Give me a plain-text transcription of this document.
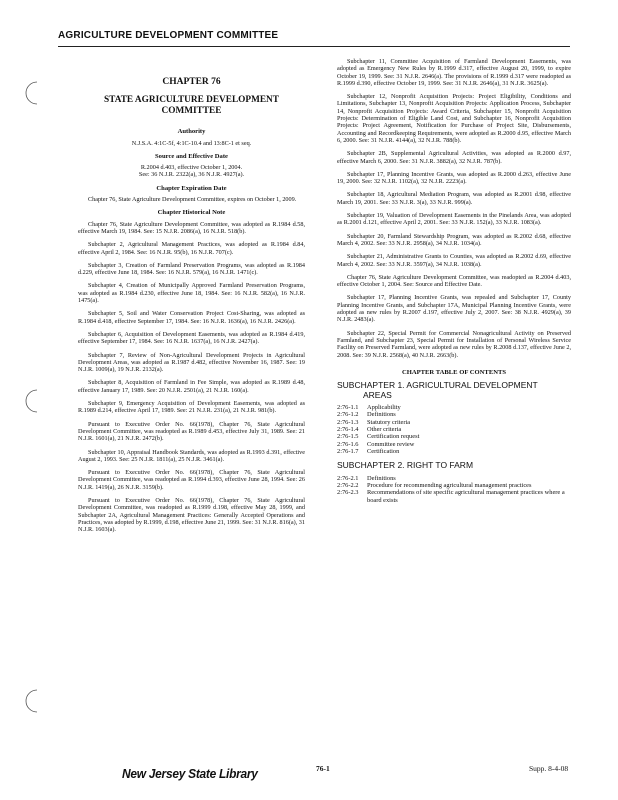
AGRICULTURE DEVELOPMENT COMMITTEE
CHAPTER 76
STATE AGRICULTURE DEVELOPMENT
COMMITTEE
Authority

N.J.S.A. 4:1C-5f, 4:1C-10.4 and 13:8C-1 et seq.

Source and Effective Date

R.2004 d.403, effective October 1, 2004.

See: 36 N.J.R. 2322(a), 36 N.J.R. 4927(a).

Chapter Expiration Date

Chapter 76, State Agriculture Development Committee, expires on October 1, 2009.

Chapter Historical Note

Chapter 76, State Agriculture Development Committee, was adopted as R.1984 d.58, effective March 19, 1984. See: 15 N.J.R. 2086(a), 16 N.J.R. 518(b).

Subchapter 2, Agricultural Management Practices, was adopted as R.1984 d.84, effective April 2, 1984. See: 16 N.J.R. 95(b), 16 N.J.R. 707(c).

Subchapter 3, Creation of Farmland Preservation Programs, was adopted as R.1984 d.229, effective June 18, 1984. See: 16 N.J.R. 579(a), 16 N.J.R. 1471(c).

Subchapter 4, Creation of Municipally Approved Farmland Preservation Programs, was adopted as R.1984 d.230, effective June 18, 1984. See: 16 N.J.R. 582(a), 16 N.J.R. 1475(a).

Subchapter 5, Soil and Water Conservation Project Cost-Sharing, was adopted as R.1984 d.418, effective September 17, 1984. See: 16 N.J.R. 1636(a), 16 N.J.R. 2426(a).

Subchapter 6, Acquisition of Development Easements, was adopted as R.1984 d.419, effective September 17, 1984. See: 16 N.J.R. 1637(a), 16 N.J.R. 2427(a).

Subchapter 7, Review of Non-Agricultural Development Projects in Agricultural Development Areas, was adopted as R.1987 d.482, effective November 16, 1987. See: 19 N.J.R. 1009(a), 19 N.J.R. 2132(a).

Subchapter 8, Acquisition of Farmland in Fee Simple, was adopted as R.1989 d.48, effective January 17, 1989. See: 20 N.J.R. 2501(a), 21 N.J.R. 160(a).

Subchapter 9, Emergency Acquisition of Development Easements, was adopted as R.1989 d.214, effective April 17, 1989. See: 21 N.J.R. 231(a), 21 N.J.R. 981(b).

Pursuant to Executive Order No. 66(1978), Chapter 76, State Agricultural Development Committee, was readopted as R.1989 d.453, effective July 31, 1989. See: 21 N.J.R. 1601(a), 21 N.J.R. 2472(b).

Subchapter 10, Appraisal Handbook Standards, was adopted as R.1993 d.391, effective August 2, 1993. See: 25 N.J.R. 1811(a), 25 N.J.R. 3461(a).

Pursuant to Executive Order No. 66(1978), Chapter 76, State Agricultural Development Committee, was readopted as R.1994 d.393, effective June 28, 1994. See: 26 N.J.R. 1419(a), 26 N.J.R. 3159(b).

Pursuant to Executive Order No. 66(1978), Chapter 76, State Agricultural Development Committee, was readopted as R.1999 d.198, effective May 28, 1999, and Subchapter 2A, Agricultural Management Practices: Generally Accepted Operations and Practices, was adopted by R.1999, d.198, effective June 21, 1999. See: 31 N.J.R. 816(a), 31 N.J.R. 1603(a).

Subchapter 11, Committee Acquisition of Farmland Development Easements, was adopted as Emergency New Rules by R.1999 d.317, effective August 20, 1999, to expire October 19, 1999. See: 31 N.J.R. 2646(a). The provisions of R.1999 d.317 were readopted as R.1999 d.390, effective October 19, 1999. See: 31 N.J.R. 2646(a), 31 N.J.R. 3625(a).

Subchapter 12, Nonprofit Acquisition Projects: Project Eligibility, Conditions and Limitations, Subchapter 13, Nonprofit Acquisition Projects: Application Process, Subchapter 14, Nonprofit Acquisition Projects: Award Criteria, Subchapter 15, Nonprofit Acquisition Projects: Determination of Eligible Land Cost, and Subchapter 16, Nonprofit Acquisition Projects: Project Agreement, Notification for Purchase of Project Site, Disbursements, Accounting and Recordkeeping Requirements, were adopted as R.2000 d.95, effective March 6, 2000. See: 31 N.J.R. 4144(a), 32 N.J.R. 788(b).

Subchapter 2B, Supplemental Agricultural Activities, was adopted as R.2000 d.97, effective March 6, 2000. See: 31 N.J.R. 3882(a), 32 N.J.R. 787(b).

Subchapter 17, Planning Incentive Grants, was adopted as R.2000 d.263, effective June 19, 2000. See: 32 N.J.R. 1102(a), 32 N.J.R. 2223(a).

Subchapter 18, Agricultural Mediation Program, was adopted as R.2001 d.98, effective March 19, 2001. See: 33 N.J.R. 3(a), 33 N.J.R. 999(a).

Subchapter 19, Valuation of Development Easements in the Pinelands Area, was adopted as R.2001 d.121, effective April 2, 2001. See: 33 N.J.R. 152(a), 33 N.J.R. 1083(a).

Subchapter 20, Farmland Stewardship Program, was adopted as R.2002 d.68, effective March 4, 2002. See: 33 N.J.R. 2958(a), 34 N.J.R. 1034(a).

Subchapter 21, Administrative Grants to Counties, was adopted as R.2002 d.69, effective March 4, 2002. See: 33 N.J.R. 3597(a), 34 N.J.R. 1038(a).

Chapter 76, State Agriculture Development Committee, was readopted as R.2004 d.403, effective October 1, 2004. See: Source and Effective Date.

Subchapter 17, Planning Incentive Grants, was repealed and Subchapter 17, County Planning Incentive Grants, and Subchapter 17A, Municipal Planning Incentive Grants, were adopted as new rules by R.2007 d.197, effective July 2, 2007. See: 38 N.J.R. 4929(a), 39 N.J.R. 2483(a).

Subchapter 22, Special Permit for Commercial Nonagricultural Activity on Preserved Farmland, and Subchapter 23, Special Permit for Installation of Personal Wireless Service Facility on Preserved Farmland, were adopted as new rules by R.2008 d.137, effective June 2, 2008. See: 39 N.J.R. 2568(a), 40 N.J.R. 2663(b).

CHAPTER TABLE OF CONTENTS
SUBCHAPTER 1. AGRICULTURAL DEVELOPMENT
AREAS
2:76-1.1	Applicability
2:76-1.2	Definitions
2:76-1.3	Statutory criteria
2:76-1.4	Other criteria
2:76-1.5	Certification request
2:76-1.6	Committee review
2:76-1.7	Certification
SUBCHAPTER 2. RIGHT TO FARM
2:76-2.1	Definitions
2:76-2.2	Procedure for recommending agricultural management practices
2:76-2.3	Recommendations of site specific agricultural management practices where a board exists
New Jersey State Library	76-1	Supp. 8-4-08
